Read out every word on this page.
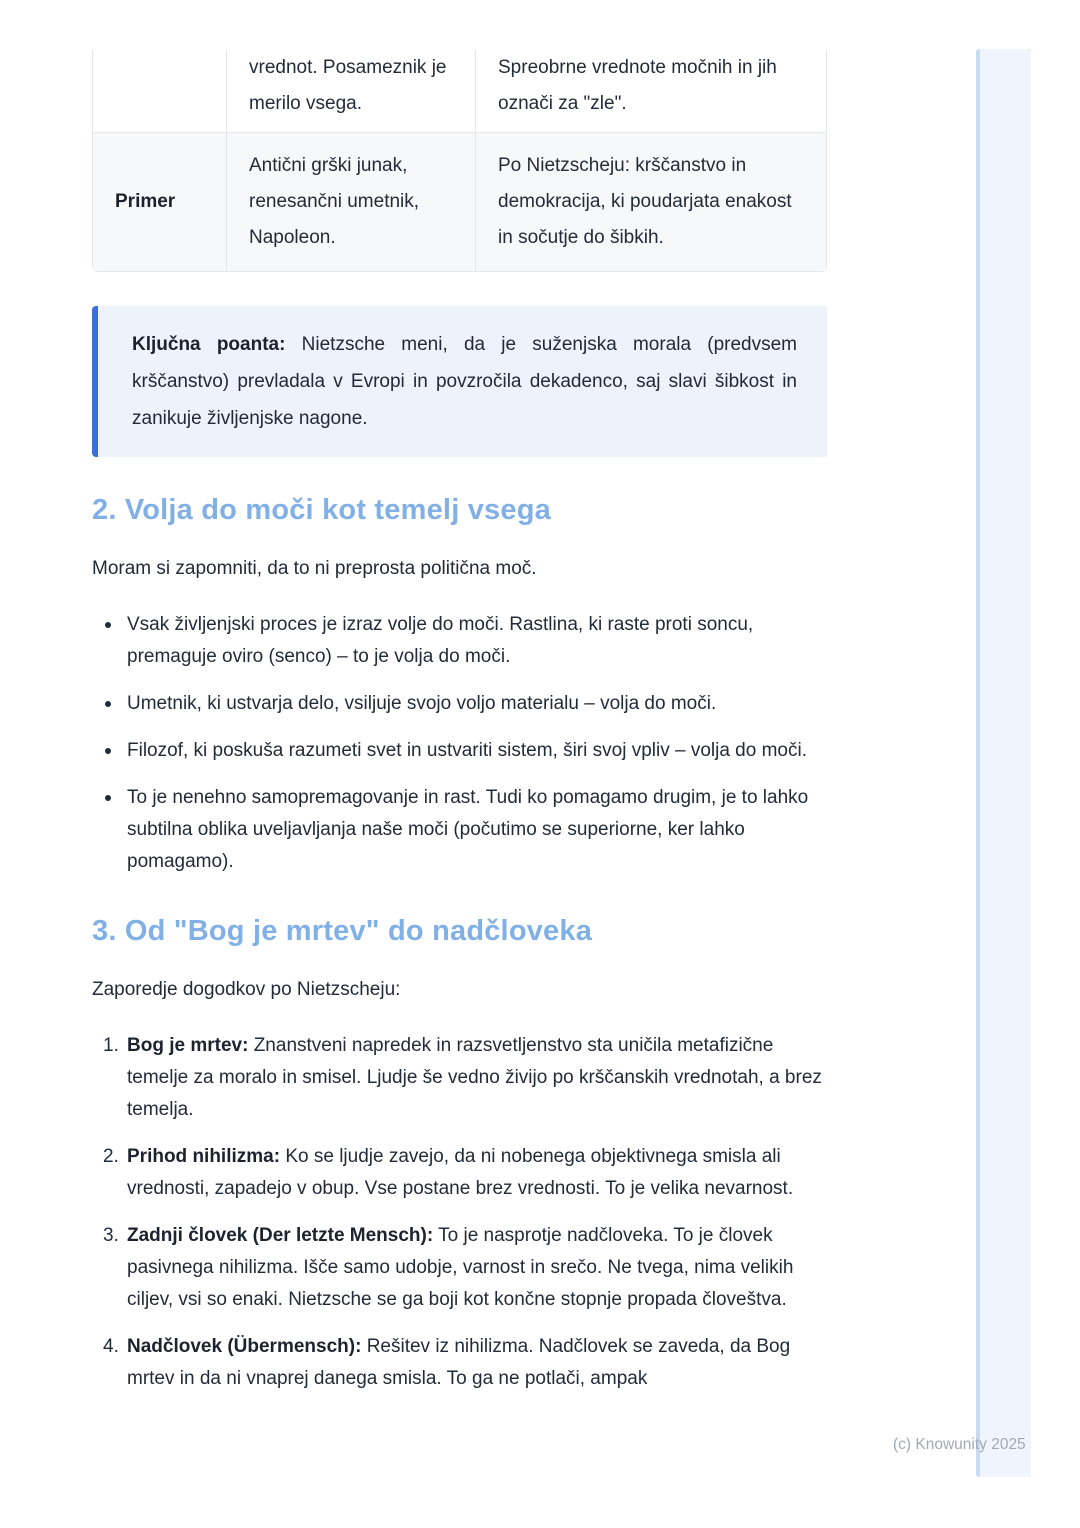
vrednot. Posameznik je merilo vsega.
Spreobrne vrednote močnih in jih označi za "zle".
Primer
Antični grški junak, renesančni umetnik, Napoleon.
Po Nietzscheju: krščanstvo in demokracija, ki poudarjata enakost in sočutje do šibkih.
Ključna poanta: Nietzsche meni, da je suženjska morala (predvsem krščanstvo) prevladala v Evropi in povzročila dekadenco, saj slavi šibkost in zanikuje življenjske nagone.
2. Volja do moči kot temelj vsega

Moram si zapomniti, da to ni preprosta politična moč.

Vsak življenjski proces je izraz volje do moči. Rastlina, ki raste proti soncu, premaguje oviro (senco) – to je volja do moči.
Umetnik, ki ustvarja delo, vsiljuje svojo voljo materialu – volja do moči.
Filozof, ki poskuša razumeti svet in ustvariti sistem, širi svoj vpliv – volja do moči.
To je nenehno samopremagovanje in rast. Tudi ko pomagamo drugim, je to lahko subtilna oblika uveljavljanja naše moči (počutimo se superiorne, ker lahko pomagamo).
3. Od "Bog je mrtev" do nadčloveka

Zaporedje dogodkov po Nietzscheju:

1. Bog je mrtev: Znanstveni napredek in razsvetljenstvo sta uničila metafizične temelje za moralo in smisel. Ljudje še vedno živijo po krščanskih vrednotah, a brez temelja.
2. Prihod nihilizma: Ko se ljudje zavejo, da ni nobenega objektivnega smisla ali vrednosti, zapadejo v obup. Vse postane brez vrednosti. To je velika nevarnost.
3. Zadnji človek (Der letzte Mensch): To je nasprotje nadčloveka. To je človek pasivnega nihilizma. Išče samo udobje, varnost in srečo. Ne tvega, nima velikih ciljev, vsi so enaki. Nietzsche se ga boji kot končne stopnje propada človeštva.
4. Nadčlovek (Übermensch): Rešitev iz nihilizma. Nadčlovek se zaveda, da Bog mrtev in da ni vnaprej danega smisla. To ga ne potlači, ampak
(c) Knowunity 2025
